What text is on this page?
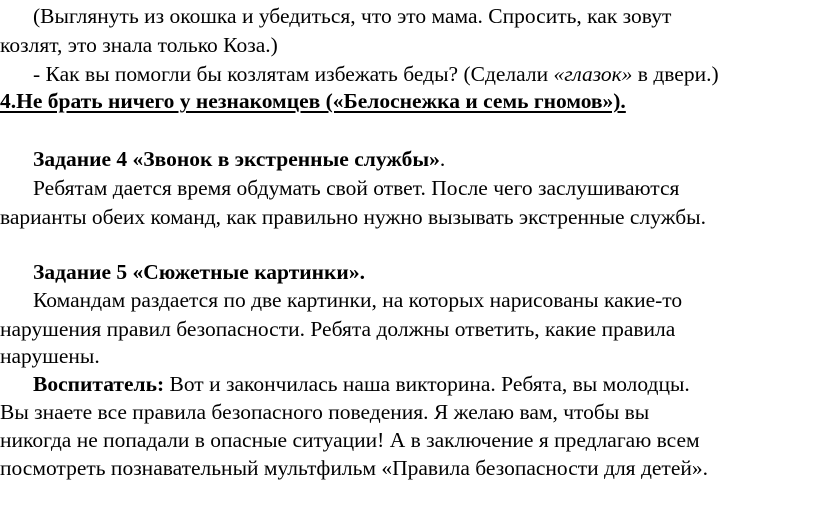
(Выглянуть из окошка и убедиться, что это мама. Спросить, как зовут
козлят, это знала только Коза.)
- Как вы помогли бы козлятам избежать беды? (Сделали «глазок» в двери.)
4.Не брать ничего у незнакомцев («Белоснежка и семь гномов»).
Задание 4 «Звонок в экстренные службы».
Ребятам дается время обдумать свой ответ. После чего заслушиваются
варианты обеих команд, как правильно нужно вызывать экстренные службы.
Задание 5 «Сюжетные картинки».
Командам раздается по две картинки, на которых нарисованы какие-то
нарушения правил безопасности. Ребята должны ответить, какие правила
нарушены.
Воспитатель: Вот и закончилась наша викторина. Ребята, вы молодцы.
Вы знаете все правила безопасного поведения. Я желаю вам, чтобы вы
никогда не попадали в опасные ситуации! А в заключение я предлагаю всем
посмотреть познавательный мультфильм «Правила безопасности для детей».
